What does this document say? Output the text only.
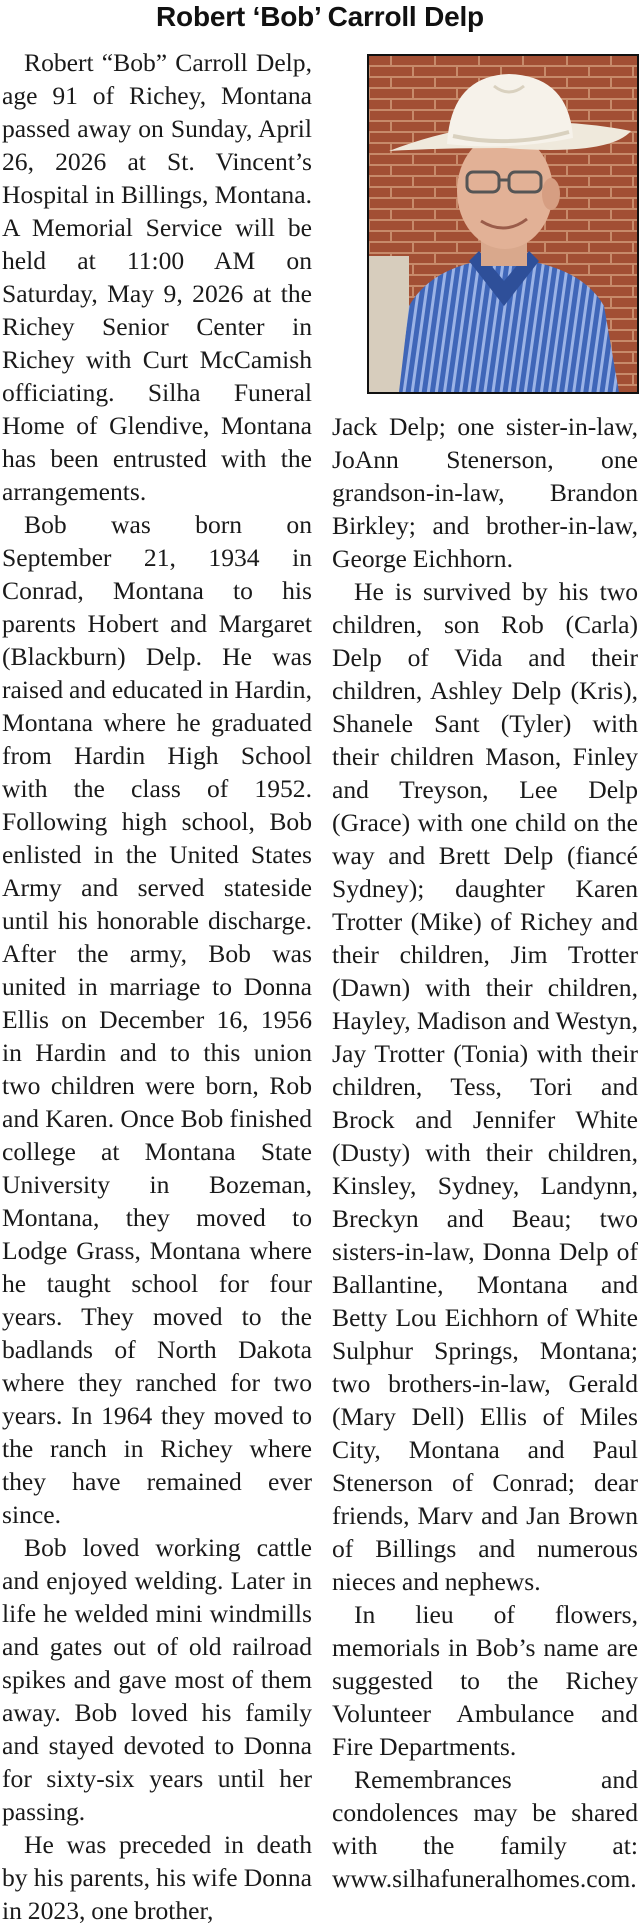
Robert ‘Bob’ Carroll Delp

Robert “Bob” Carroll Delp, age 91 of Richey, Montana passed away on Sunday, April 26, 2026 at St. Vincent’s Hospital in Billings, Montana. A Memorial Service will be held at 11:00 AM on Saturday, May 9, 2026 at the Richey Senior Center in Richey with Curt McCamish officiating. Silha Funeral Home of Glendive, Montana has been entrusted with the arrangements.

Bob was born on September 21, 1934 in Conrad, Montana to his parents Hobert and Margaret (Blackburn) Delp. He was raised and educated in Hardin, Montana where he graduated from Hardin High School with the class of 1952. Following high school, Bob enlisted in the United States Army and served stateside until his honorable discharge. After the army, Bob was united in marriage to Donna Ellis on December 16, 1956 in Hardin and to this union two children were born, Rob and Karen. Once Bob finished college at Montana State University in Bozeman, Montana, they moved to Lodge Grass, Montana where he taught school for four years. They moved to the badlands of North Dakota where they ranched for two years. In 1964 they moved to the ranch in Richey where they have remained ever since.

Bob loved working cattle and enjoyed welding. Later in life he welded mini windmills and gates out of old railroad spikes and gave most of them away. Bob loved his family and stayed devoted to Donna for sixty-six years until her passing.

He was preceded in death by his parents, his wife Donna in 2023, one brother,

Jack Delp; one sister-in-law, JoAnn Stenerson, one grandson-in-law, Brandon Birkley; and brother-in-law, George Eichhorn.

He is survived by his two children, son Rob (Carla) Delp of Vida and their children, Ashley Delp (Kris), Shanele Sant (Tyler) with their children Mason, Finley and Treyson, Lee Delp (Grace) with one child on the way and Brett Delp (fiancé Sydney); daughter Karen Trotter (Mike) of Richey and their children, Jim Trotter (Dawn) with their children, Hayley, Madison and Westyn, Jay Trotter (Tonia) with their children, Tess, Tori and Brock and Jennifer White (Dusty) with their children, Kinsley, Sydney, Landynn, Breckyn and Beau; two sisters-in-law, Donna Delp of Ballantine, Montana and Betty Lou Eichhorn of White Sulphur Springs, Montana; two brothers-in-law, Gerald (Mary Dell) Ellis of Miles City, Montana and Paul Stenerson of Conrad; dear friends, Marv and Jan Brown of Billings and numerous nieces and nephews.

In lieu of flowers, memorials in Bob’s name are suggested to the Richey Volunteer Ambulance and Fire Departments.

Remembrances and condolences may be shared with the family at: www.silhafuneralhomes.com.
